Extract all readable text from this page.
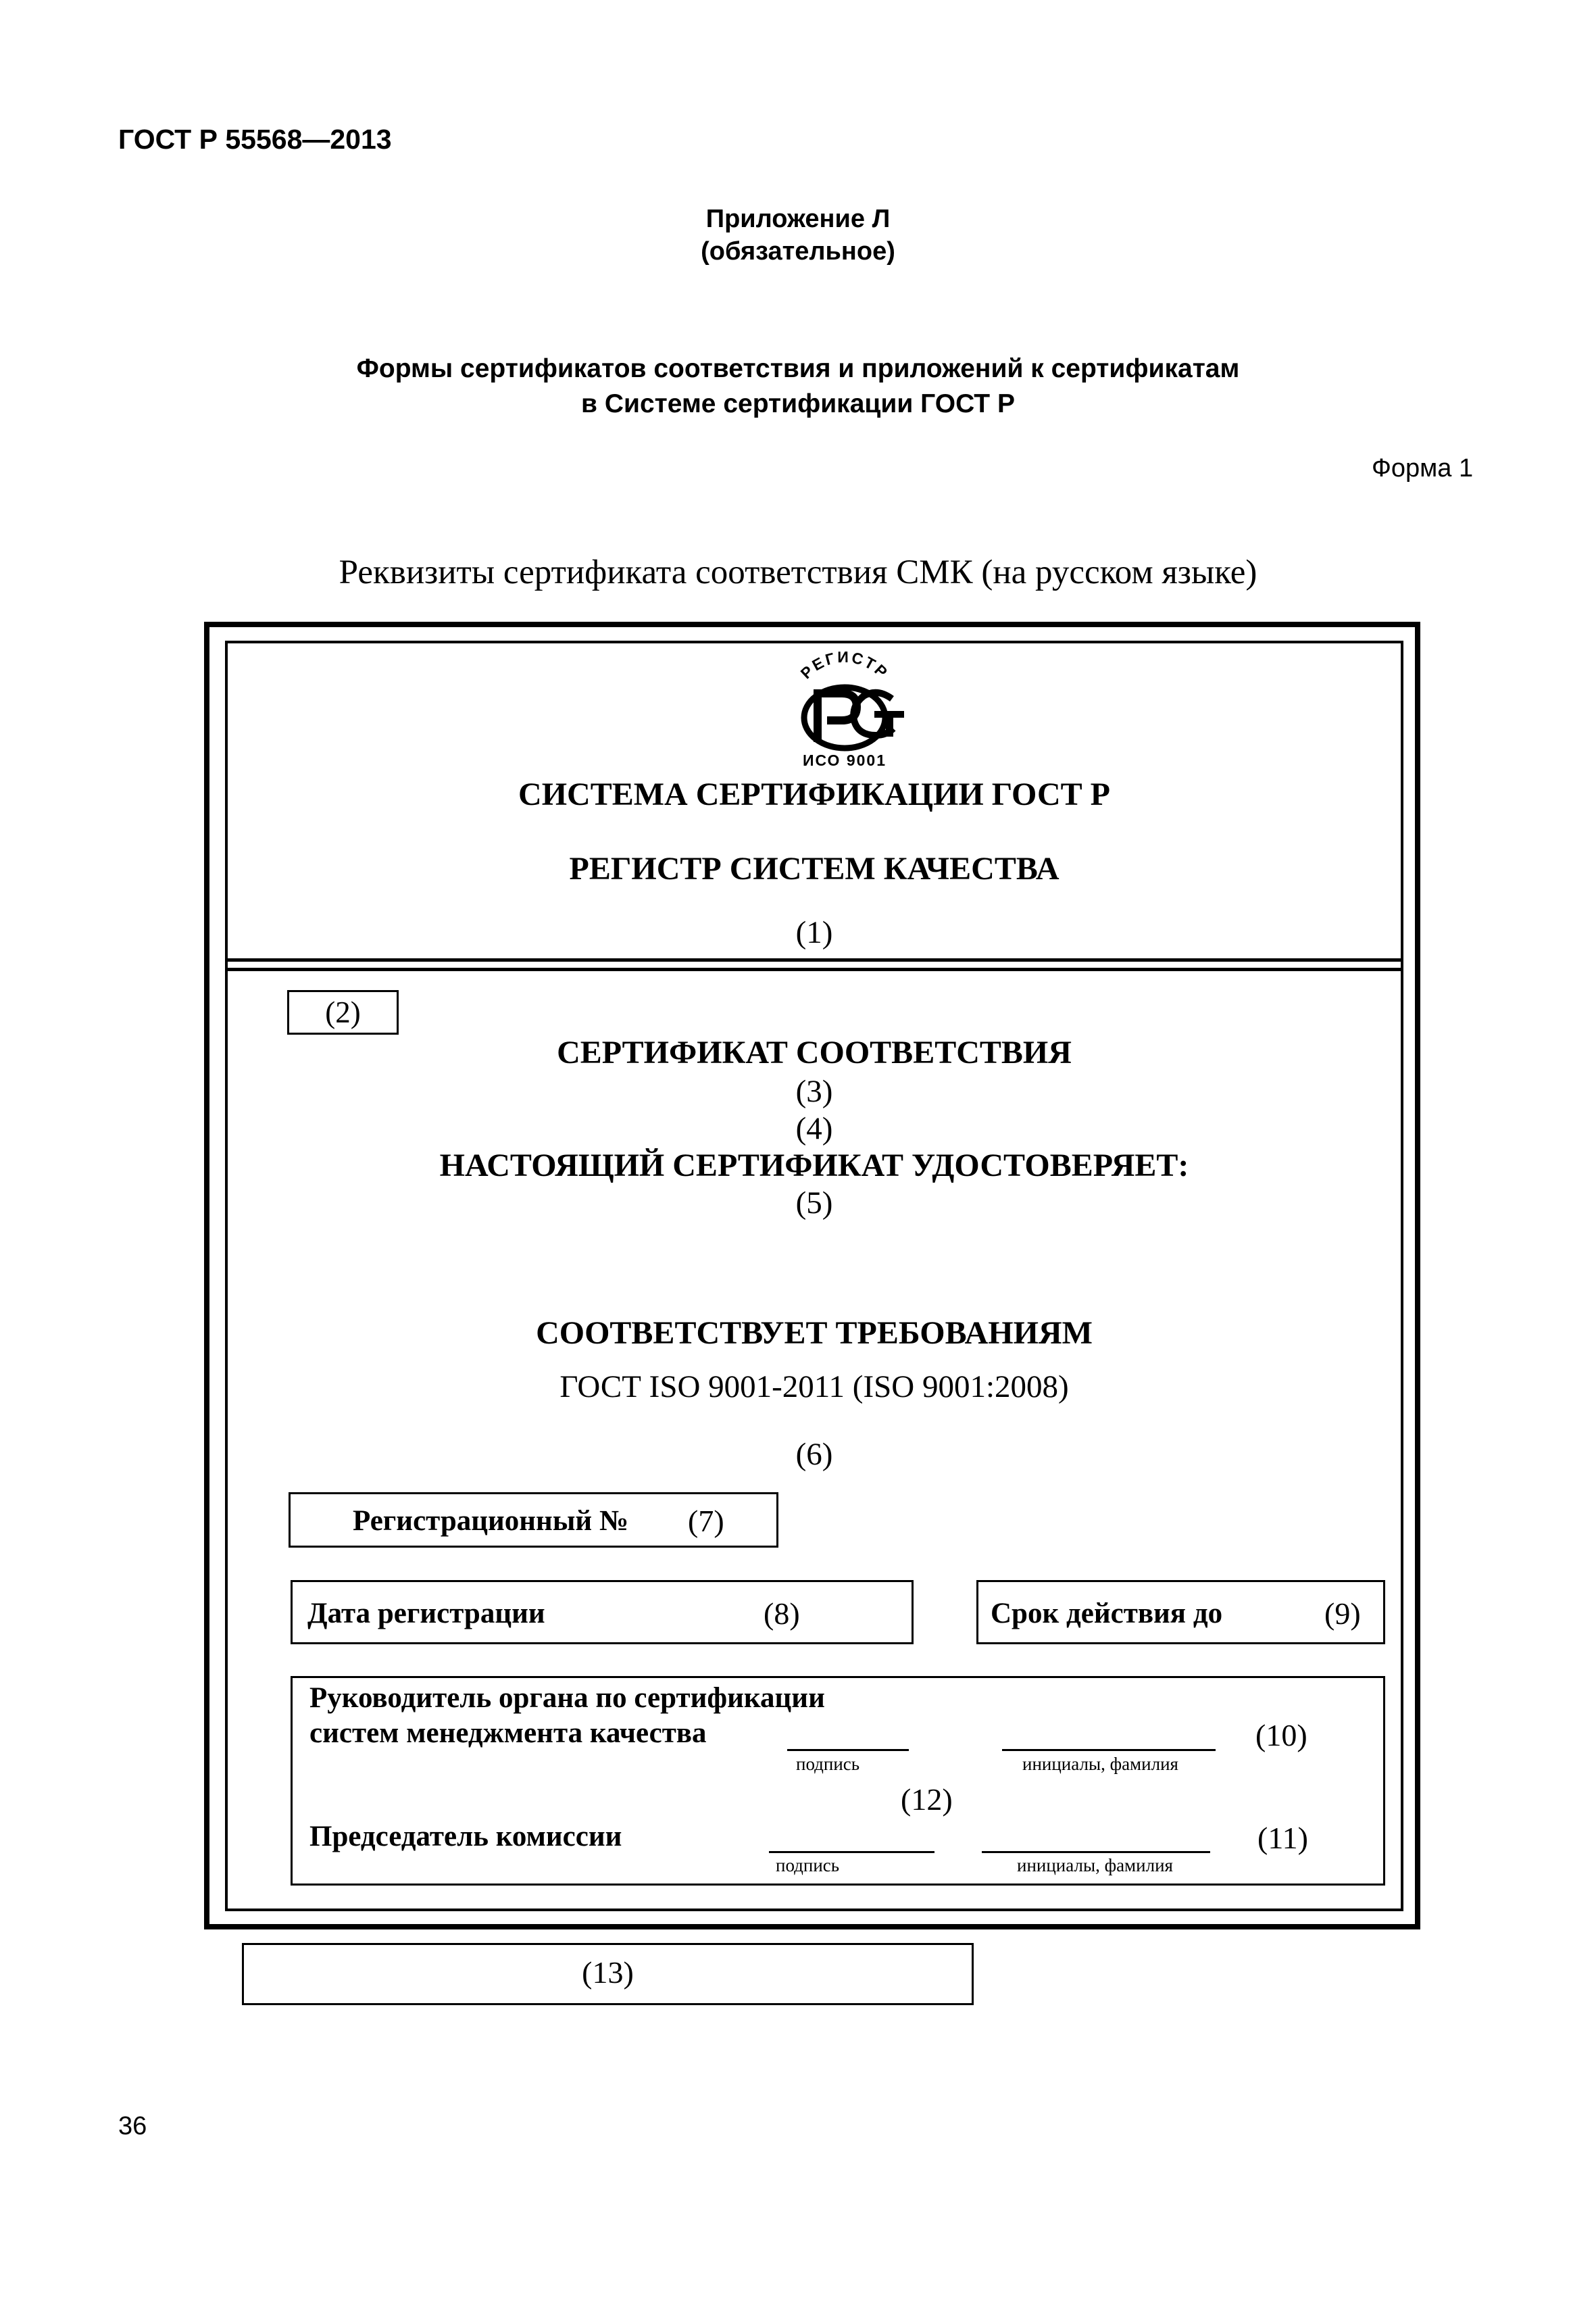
ГОСТ Р 55568—2013
Приложение Л
(обязательное)
Формы сертификатов соответствия и приложений к сертификатам
в Системе сертификации ГОСТ Р
Форма 1
Реквизиты сертификата соответствия СМК (на русском языке)
РЕГИСТР
ИСО 9001
СИСТЕМА СЕРТИФИКАЦИИ ГОСТ Р
РЕГИСТР СИСТЕМ КАЧЕСТВА
(1)
(2)
СЕРТИФИКАТ СООТВЕТСТВИЯ
(3)
(4)
НАСТОЯЩИЙ СЕРТИФИКАТ УДОСТОВЕРЯЕТ:
(5)
СООТВЕТСТВУЕТ ТРЕБОВАНИЯМ
ГОСТ ISO 9001-2011 (ISO 9001:2008)
(6)
Регистрационный № (7)
Дата регистрации	(8)	Срок действия до	(9)
Руководитель органа по сертификации
систем менеджмента качества	(10)
подпись	инициалы, фамилия
(12)
Председатель комиссии	(11)
подпись	инициалы, фамилия
(13)
36
